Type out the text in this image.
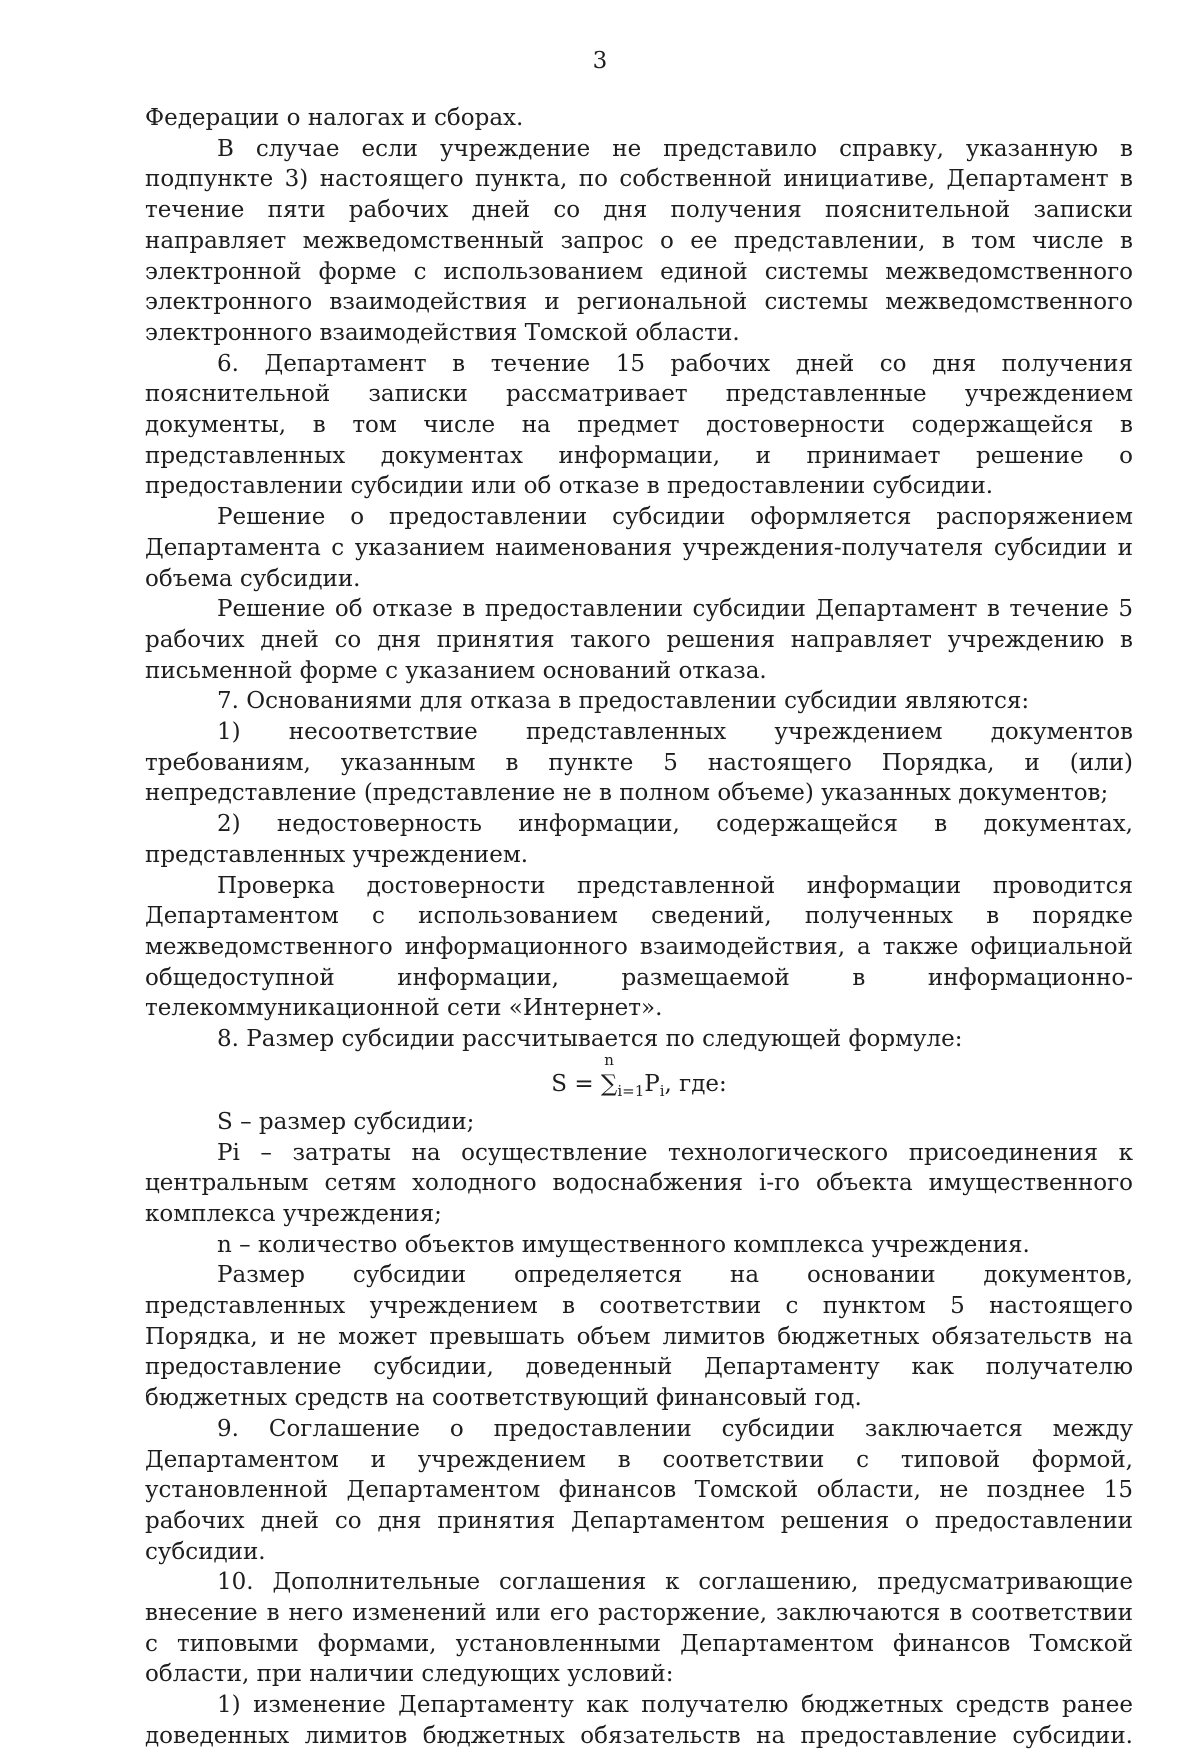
3

Федерации о налогах и сборах.

В случае если учреждение не представило справку, указанную в подпункте 3) настоящего пункта, по собственной инициативе, Департамент в течение пяти рабочих дней со дня получения пояснительной записки направляет межведомственный запрос о ее представлении, в том числе в электронной форме с использованием единой системы межведомственного электронного взаимодействия и региональной системы межведомственного электронного взаимодействия Томской области.

6. Департамент в течение 15 рабочих дней со дня получения пояснительной записки рассматривает представленные учреждением документы, в том числе на предмет достоверности содержащейся в представленных документах информации, и принимает решение о предоставлении субсидии или об отказе в предоставлении субсидии.

Решение о предоставлении субсидии оформляется распоряжением Департамента с указанием наименования учреждения-получателя субсидии и объема субсидии.

Решение об отказе в предоставлении субсидии Департамент в течение 5 рабочих дней со дня принятия такого решения направляет учреждению в письменной форме с указанием оснований отказа.

7. Основаниями для отказа в предоставлении субсидии являются:

1) несоответствие представленных учреждением документов требованиям, указанным в пункте 5 настоящего Порядка, и (или) непредставление (представление не в полном объеме) указанных документов;

2) недостоверность информации, содержащейся в документах, представленных учреждением.

Проверка достоверности представленной информации проводится Департаментом с использованием сведений, полученных в порядке межведомственного информационного взаимодействия, а также официальной общедоступной информации, размещаемой в информационно-телекоммуникационной сети «Интернет».

8. Размер субсидии рассчитывается по следующей формуле:

S =
n
$\sum_{i=1}P_i$, где:

S – размер субсидии;

Pi – затраты на осуществление технологического присоединения к центральным сетям холодного водоснабжения i-го объекта имущественного комплекса учреждения;

n – количество объектов имущественного комплекса учреждения.

Размер субсидии определяется на основании документов, представленных учреждением в соответствии с пунктом 5 настоящего Порядка, и не может превышать объем лимитов бюджетных обязательств на предоставление субсидии, доведенный Департаменту как получателю бюджетных средств на соответствующий финансовый год.

9. Соглашение о предоставлении субсидии заключается между Департаментом и учреждением в соответствии с типовой формой, установленной Департаментом финансов Томской области, не позднее 15 рабочих дней со дня принятия Департаментом решения о предоставлении субсидии.

10. Дополнительные соглашения к соглашению, предусматривающие внесение в него изменений или его расторжение, заключаются в соответствии с типовыми формами, установленными Департаментом финансов Томской области, при наличии следующих условий:

1) изменение Департаменту как получателю бюджетных средств ранее доведенных лимитов бюджетных обязательств на предоставление субсидии.
